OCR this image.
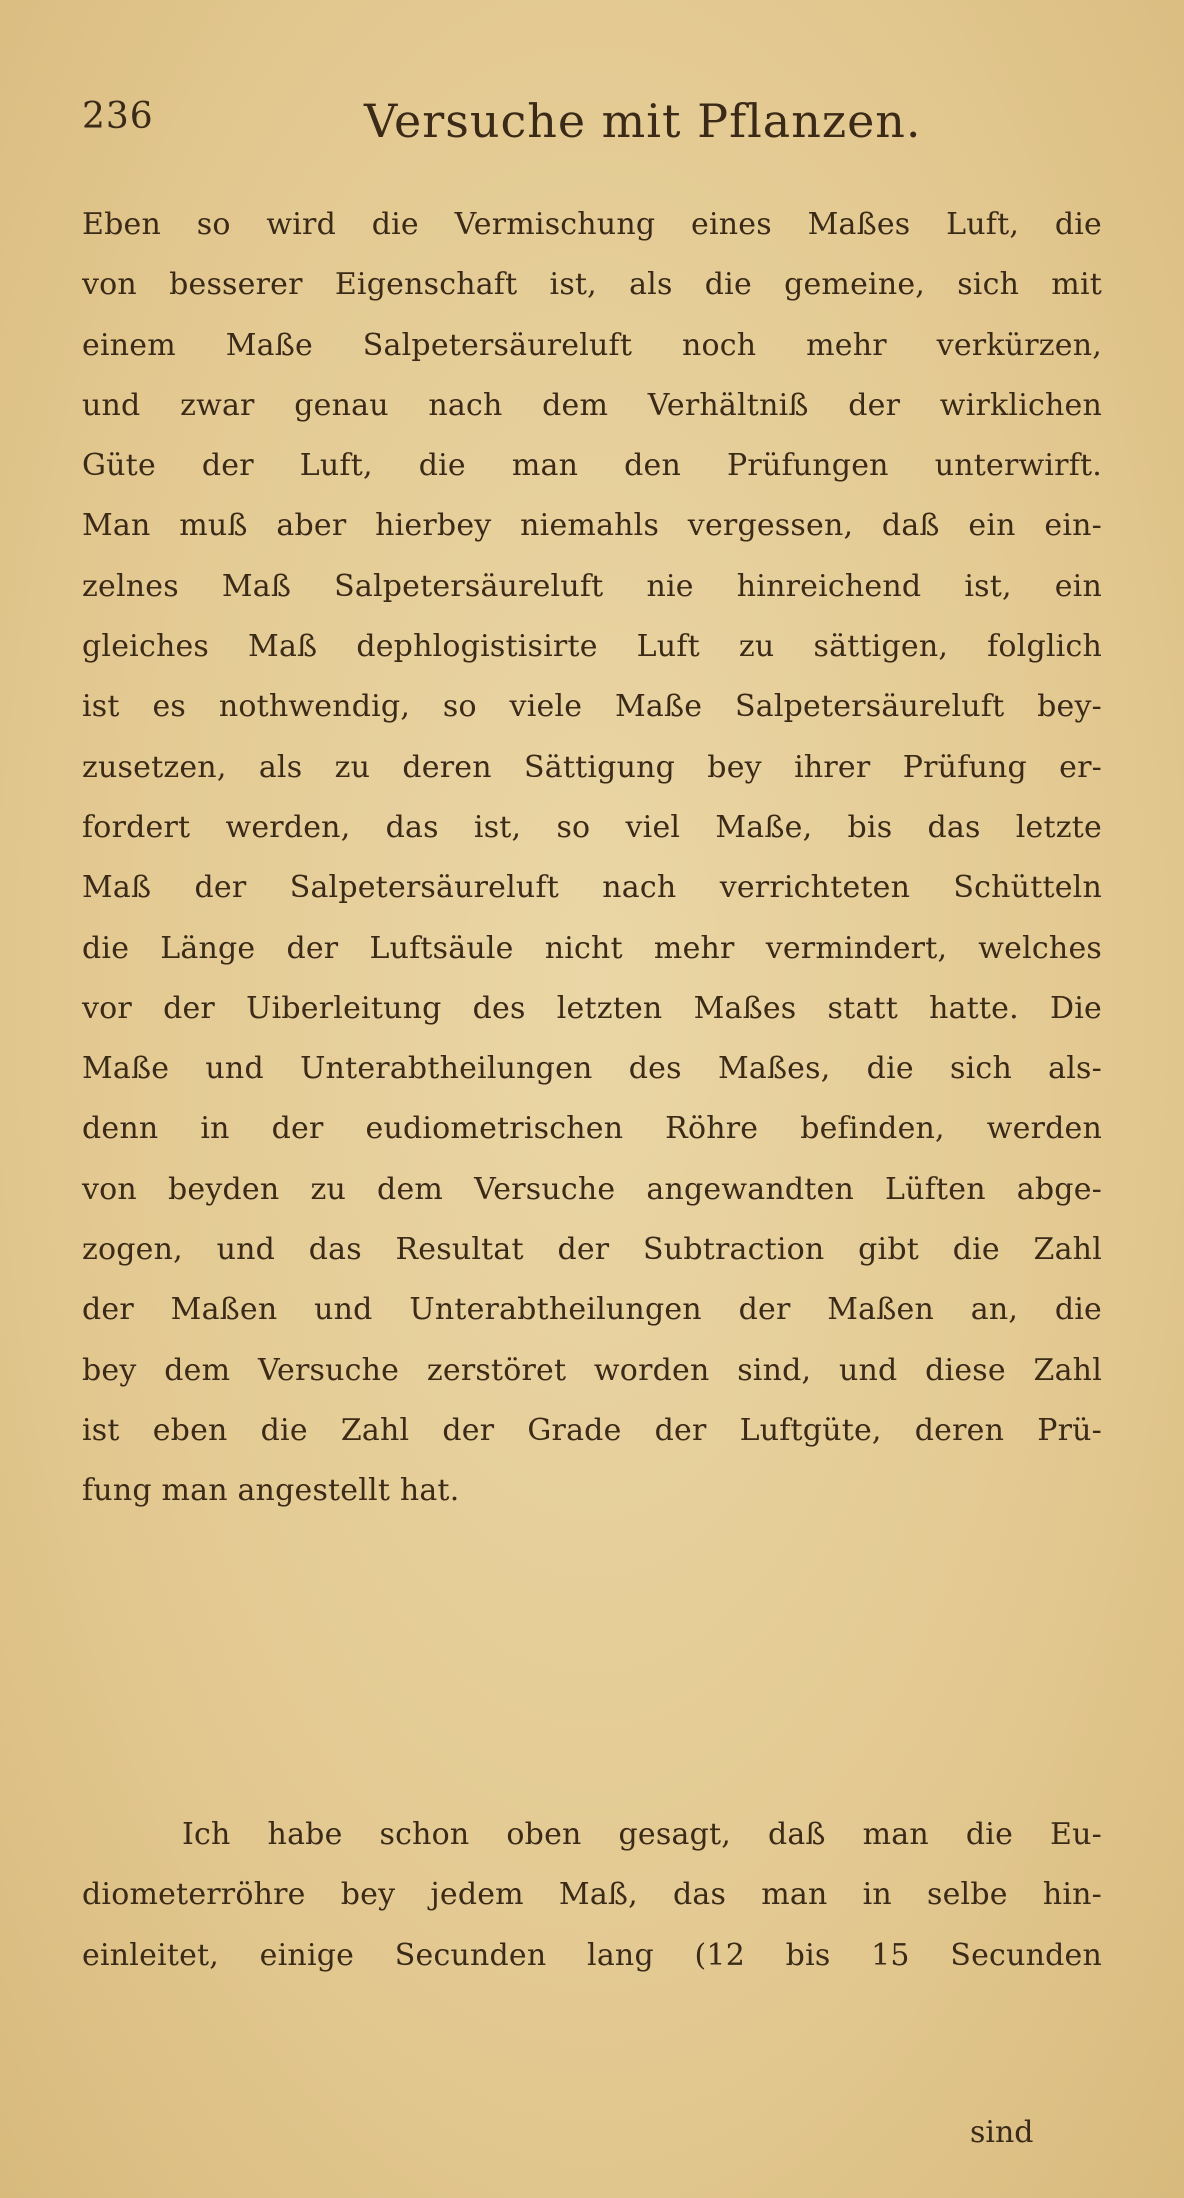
236	Versuche mit Pflanzen.
Eben so wird die Vermischung eines Maßes Luft, die
von besserer Eigenschaft ist, als die gemeine, sich mit
einem Maße Salpetersäureluft noch mehr verkürzen,
und zwar genau nach dem Verhältniß der wirklichen
Güte der Luft, die man den Prüfungen unterwirft.
Man muß aber hierbey niemahls vergessen, daß ein ein-
zelnes Maß Salpetersäureluft nie hinreichend ist, ein
gleiches Maß dephlogistisirte Luft zu sättigen, folglich
ist es nothwendig, so viele Maße Salpetersäureluft bey-
zusetzen, als zu deren Sättigung bey ihrer Prüfung er-
fordert werden, das ist, so viel Maße, bis das letzte
Maß der Salpetersäureluft nach verrichteten Schütteln
die Länge der Luftsäule nicht mehr vermindert, welches
vor der Uiberleitung des letzten Maßes statt hatte. Die
Maße und Unterabtheilungen des Maßes, die sich als-
denn in der eudiometrischen Röhre befinden, werden
von beyden zu dem Versuche angewandten Lüften abge-
zogen, und das Resultat der Subtraction gibt die Zahl
der Maßen und Unterabtheilungen der Maßen an, die
bey dem Versuche zerstöret worden sind, und diese Zahl
ist eben die Zahl der Grade der Luftgüte, deren Prü-
fung man angestellt hat.
Ich habe schon oben gesagt, daß man die Eu-
diometerröhre bey jedem Maß, das man in selbe hin-
einleitet, einige Secunden lang (12 bis 15 Secunden
sind
